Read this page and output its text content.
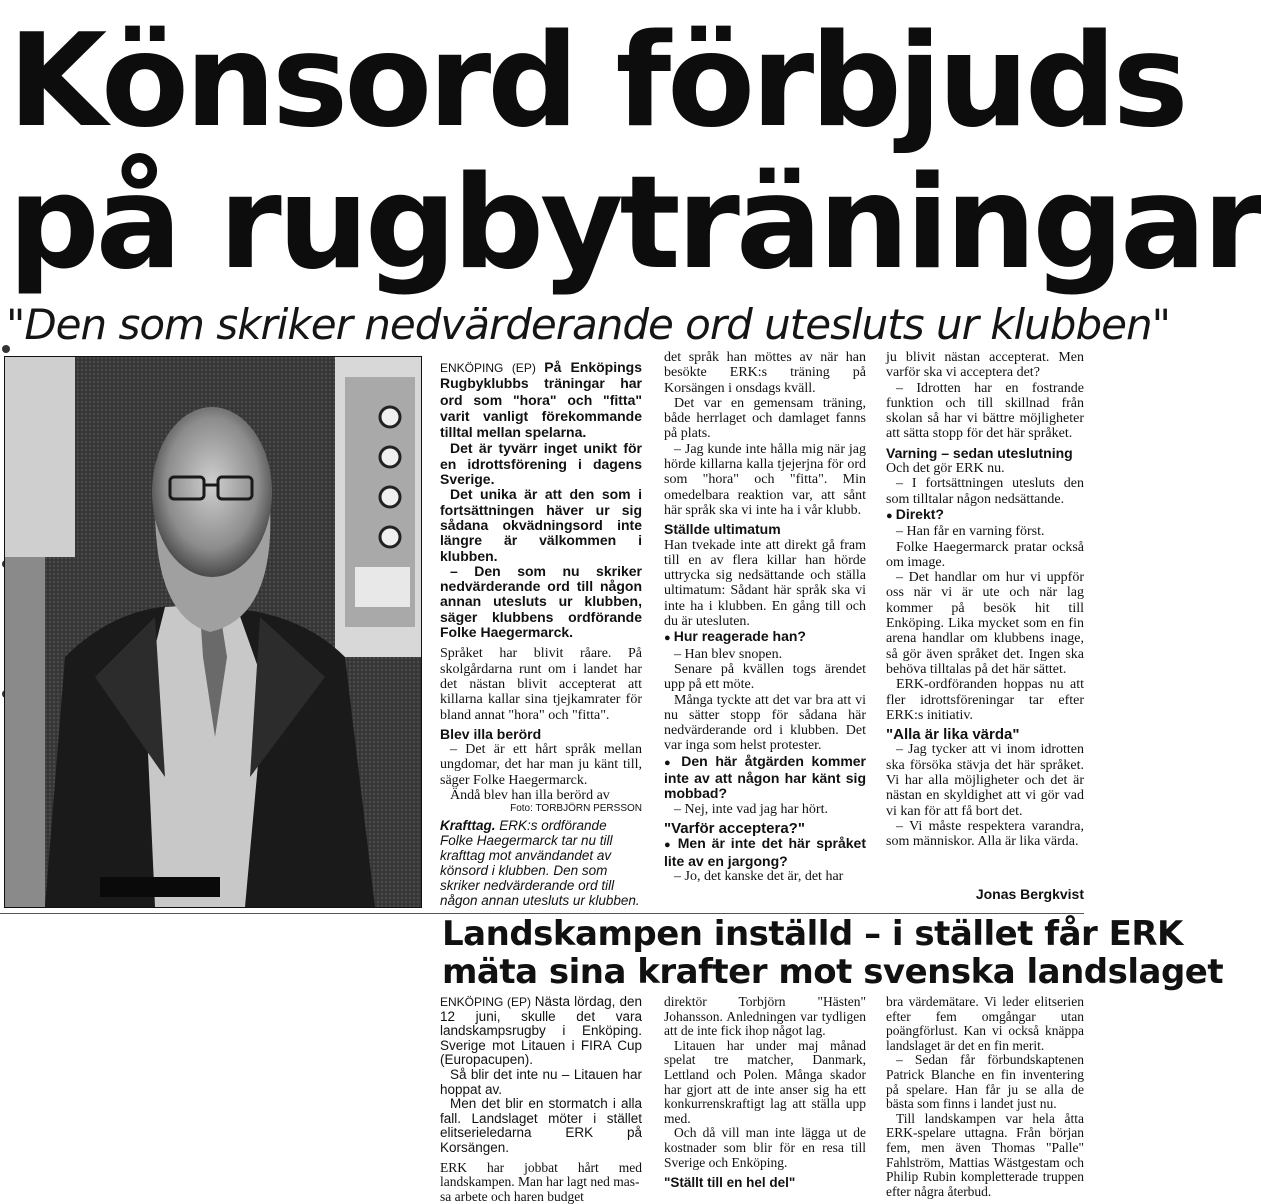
Könsord förbjuds
på rugbyträningar
"Den som skriker nedvärderande ord utesluts ur klubben"

ENKÖPING (EP) På Enköpings Rugbyklubbs träningar har ord som "hora" och "fitta" varit vanligt förekommande tilltal mellan spelarna.

Det är tyvärr inget unikt för en idrottsförening i dagens Sverige.

Det unika är att den som i fortsättningen häver ur sig sådana okvädningsord inte längre är välkommen i klubben.

– Den som nu skriker nedvärderande ord till någon annan utesluts ur klubben, säger klubbens ordförande Folke Haegermarck.

Språket har blivit råare. På skolgårdarna runt om i landet har det nästan blivit accepterat att killarna kallar sina tjejkamrater för bland annat "hora" och "fitta".

Blev illa berörd

– Det är ett hårt språk mellan ungdomar, det har man ju känt till, säger Folke Haegermarck.

Ändå blev han illa berörd av

Foto: TORBJÖRN PERSSON
Krafttag. ERK:s ordförande Folke Haegermarck tar nu till krafttag mot användandet av könsord i klubben. Den som skriker nedvärderande ord till någon annan utesluts ur klubben.

det språk han möttes av när han besökte ERK:s träning på Korsängen i onsdags kväll.

Det var en gemensam träning, både herrlaget och damlaget fanns på plats.

– Jag kunde inte hålla mig när jag hörde killarna kalla tjejerjna för ord som "hora" och "fitta". Min omedelbara reaktion var, att sånt här språk ska vi inte ha i vår klubb.

Ställde ultimatum

Han tvekade inte att direkt gå fram till en av flera killar han hörde uttrycka sig nedsättande och ställa ultimatum: Sådant här språk ska vi inte ha i klubben. En gång till och du är utesluten.

● Hur reagerade han?

– Han blev snopen.

Senare på kvällen togs ärendet upp på ett möte.

Många tyckte att det var bra att vi nu sätter stopp för sådana här nedvärderande ord i klubben. Det var inga som helst protester.

● Den här åtgärden kommer inte av att någon har känt sig mobbad?

– Nej, inte vad jag har hört.

"Varför acceptera?"

● Men är inte det här språket lite av en jargong?

– Jo, det kanske det är, det har

ju blivit nästan accepterat. Men varför ska vi acceptera det?

– Idrotten har en fostrande funktion och till skillnad från skolan så har vi bättre möjligheter att sätta stopp för det här språket.

Varning – sedan uteslutning

Och det gör ERK nu.

– I fortsättningen utesluts den som tilltalar någon nedsättande.

● Direkt?

– Han får en varning först.

Folke Haegermarck pratar också om image.

– Det handlar om hur vi uppför oss när vi är ute och när lag kommer på besök hit till Enköping. Lika mycket som en fin arena handlar om klubbens inage, så gör även språket det. Ingen ska behöva tilltalas på det här sättet.

ERK-ordföranden hoppas nu att fler idrottsföreningar tar efter ERK:s initiativ.

"Alla är lika värda"

– Jag tycker att vi inom idrotten ska försöka stävja det här språket. Vi har alla möjligheter och det är nästan en skyldighet att vi gör vad vi kan för att få bort det.

– Vi måste respektera varandra, som människor. Alla är lika värda.

Jonas Bergkvist
Landskampen inställd – i stället får ERK
mäta sina krafter mot svenska landslaget

ENKÖPING (EP) Nästa lördag, den 12 juni, skulle det vara landskampsrugby i Enköping. Sverige mot Litauen i FIRA Cup (Europacupen).

Så blir det inte nu – Litauen har hoppat av.

Men det blir en stormatch i alla fall. Landslaget möter i stället elitserieledarna ERK på Korsängen.

ERK har jobbat hårt med landskampen. Man har lagt ned mas-

sa arbete och haren budget

direktör Torbjörn "Hästen" Johansson. Anledningen var tydligen att de inte fick ihop något lag.

Litauen har under maj månad spelat tre matcher, Danmark, Lettland och Polen. Många skador har gjort att de inte anser sig ha ett konkurrenskraftigt lag att ställa upp med.

Och då vill man inte lägga ut de kostnader som blir för en resa till Sverige och Enköping.

"Ställt till en hel del"

bra värdemätare. Vi leder elitserien efter fem omgångar utan poängförlust. Kan vi också knäppa landslaget är det en fin merit.

– Sedan får förbundskaptenen Patrick Blanche en fin inventering på spelare. Han får ju se alla de bästa som finns i landet just nu.

Till landskampen var hela åtta ERK-spelare uttagna. Från början fem, men även Thomas "Palle" Fahlström, Mattias Wästgestam och Philip Rubin kompletterade truppen efter några återbud.
